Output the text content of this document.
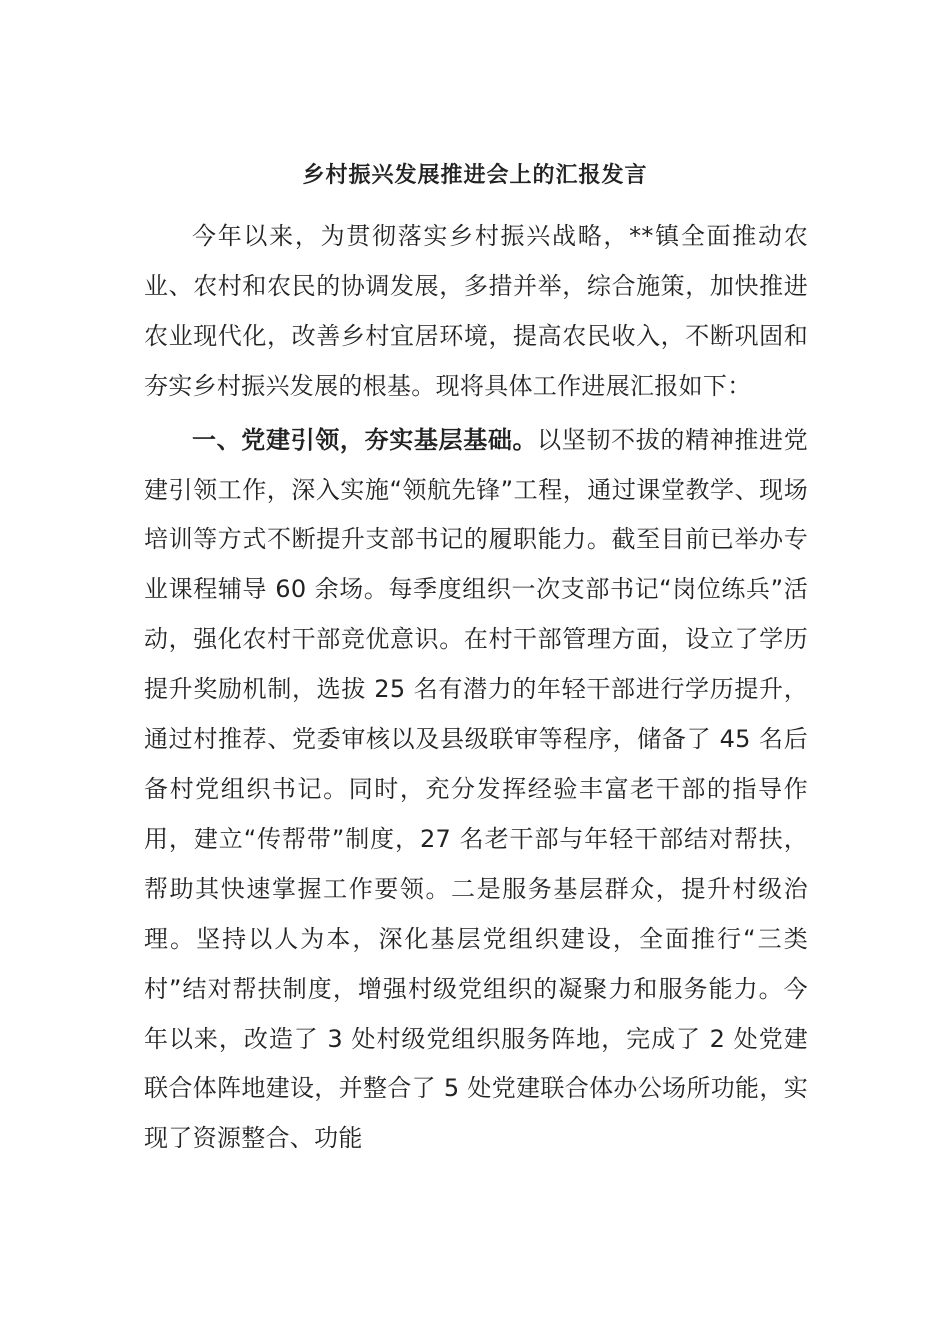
乡村振兴发展推进会上的汇报发言

今年以来，为贯彻落实乡村振兴战略，**镇全面推动农业、农村和农民的协调发展，多措并举，综合施策，加快推进农业现代化，改善乡村宜居环境，提高农民收入，不断巩固和夯实乡村振兴发展的根基。现将具体工作进展汇报如下：

一、党建引领，夯实基层基础。以坚韧不拔的精神推进党建引领工作，深入实施“领航先锋”工程，通过课堂教学、现场培训等方式不断提升支部书记的履职能力。截至目前已举办专业课程辅导 60 余场。每季度组织一次支部书记“岗位练兵”活动，强化农村干部竞优意识。在村干部管理方面，设立了学历提升奖励机制，选拔 25 名有潜力的年轻干部进行学历提升，通过村推荐、党委审核以及县级联审等程序，储备了 45 名后备村党组织书记。同时，充分发挥经验丰富老干部的指导作用，建立“传帮带”制度，27 名老干部与年轻干部结对帮扶，帮助其快速掌握工作要领。二是服务基层群众，提升村级治理。坚持以人为本，深化基层党组织建设，全面推行“三类村”结对帮扶制度，增强村级党组织的凝聚力和服务能力。今年以来，改造了 3 处村级党组织服务阵地，完成了 2 处党建联合体阵地建设，并整合了 5 处党建联合体办公场所功能，实现了资源整合、功能
